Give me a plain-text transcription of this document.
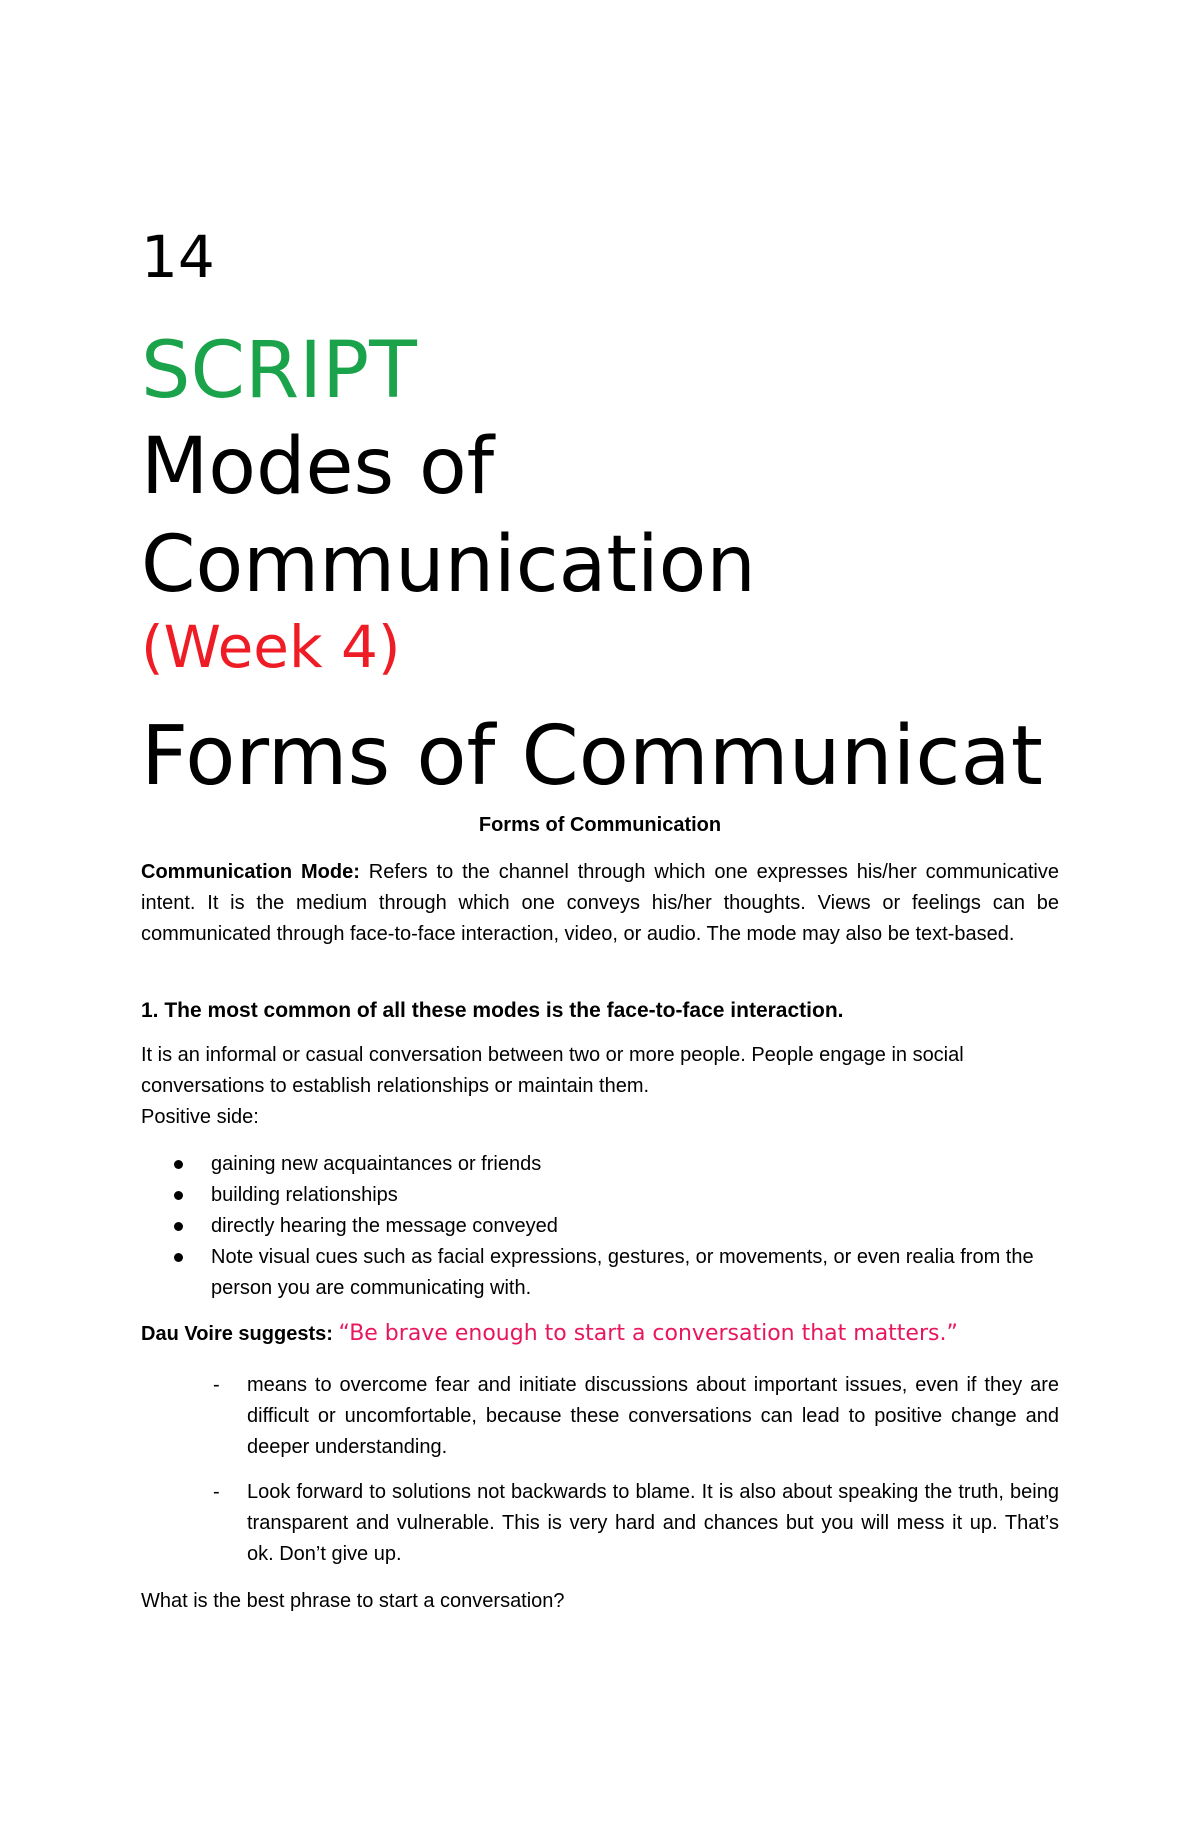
14
SCRIPT
Modes of
Communication
(Week 4)
Forms of Communicat
Forms of Communication
Communication Mode: Refers to the channel through which one expresses his/her communicative intent. It is the medium through which one conveys his/her thoughts. Views or feelings can be communicated through face-to-face interaction, video, or audio. The mode may also be text-based.
1. The most common of all these modes is the face-to-face interaction.
It is an informal or casual conversation between two or more people. People engage in social conversations to establish relationships or maintain them.
Positive side:
gaining new acquaintances or friends
building relationships
directly hearing the message conveyed
Note visual cues such as facial expressions, gestures, or movements, or even realia from the person you are communicating with.
Dau Voire suggests: “Be brave enough to start a conversation that matters.”
- means to overcome fear and initiate discussions about important issues, even if they are difficult or uncomfortable, because these conversations can lead to positive change and deeper understanding.
- Look forward to solutions not backwards to blame. It is also about speaking the truth, being transparent and vulnerable. This is very hard and chances but you will mess it up. That’s ok. Don’t give up.
What is the best phrase to start a conversation?
